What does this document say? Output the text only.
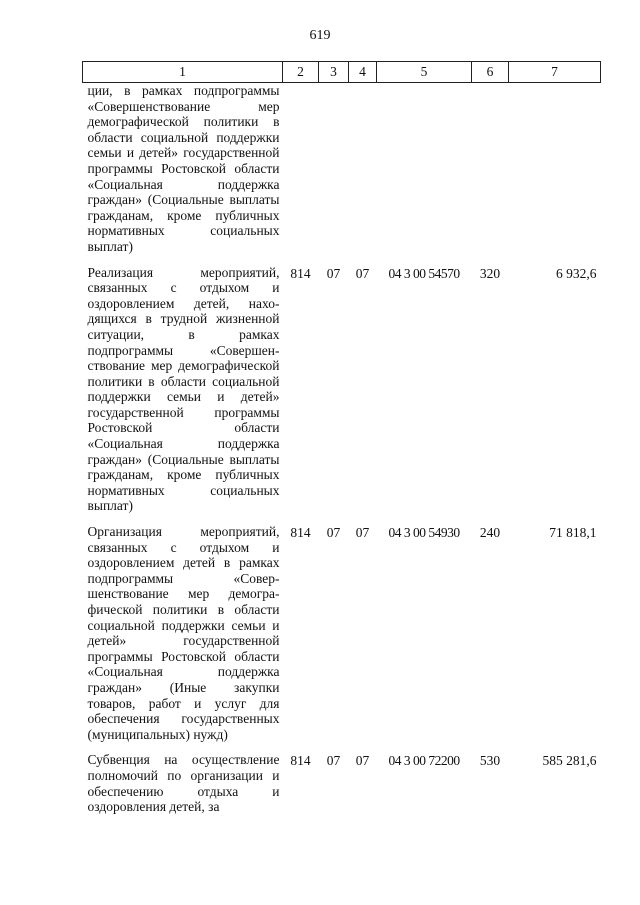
619
1	2	3	4	5	6	7
ции, в рамках подпрограммы «Совершенствование мер демографической политики в области социальной поддержки семьи и детей» государственной программы Ростовской области «Социальная поддержка граждан» (Социальные выплаты гражданам, кроме публичных нормативных социальных выплат)						
Реализация мероприятий, связанных с отдыхом и оздоровлением детей, находящихся в трудной жизненной ситуации, в рамках подпрограммы «Совершенствование мер демографической политики в области социальной поддержки семьи и детей» государственной программы Ростовской области «Социальная поддержка граждан» (Социальные выплаты гражданам, кроме публичных нормативных социальных выплат)	814	07	07	04 3 00 54570	320	6 932,6
Организация мероприятий, связанных с отдыхом и оздоровлением детей в рамках подпрограммы «Совершенствование мер демографической политики в области социальной поддержки семьи и детей» государственной программы Ростовской области «Социальная поддержка граждан» (Иные закупки товаров, работ и услуг для обеспечения государственных (муниципальных) нужд)	814	07	07	04 3 00 54930	240	71 818,1
Субвенция на осуществление полномочий по организации и обеспечению отдыха и оздоровления детей, за	814	07	07	04 3 00 72200	530	585 281,6
